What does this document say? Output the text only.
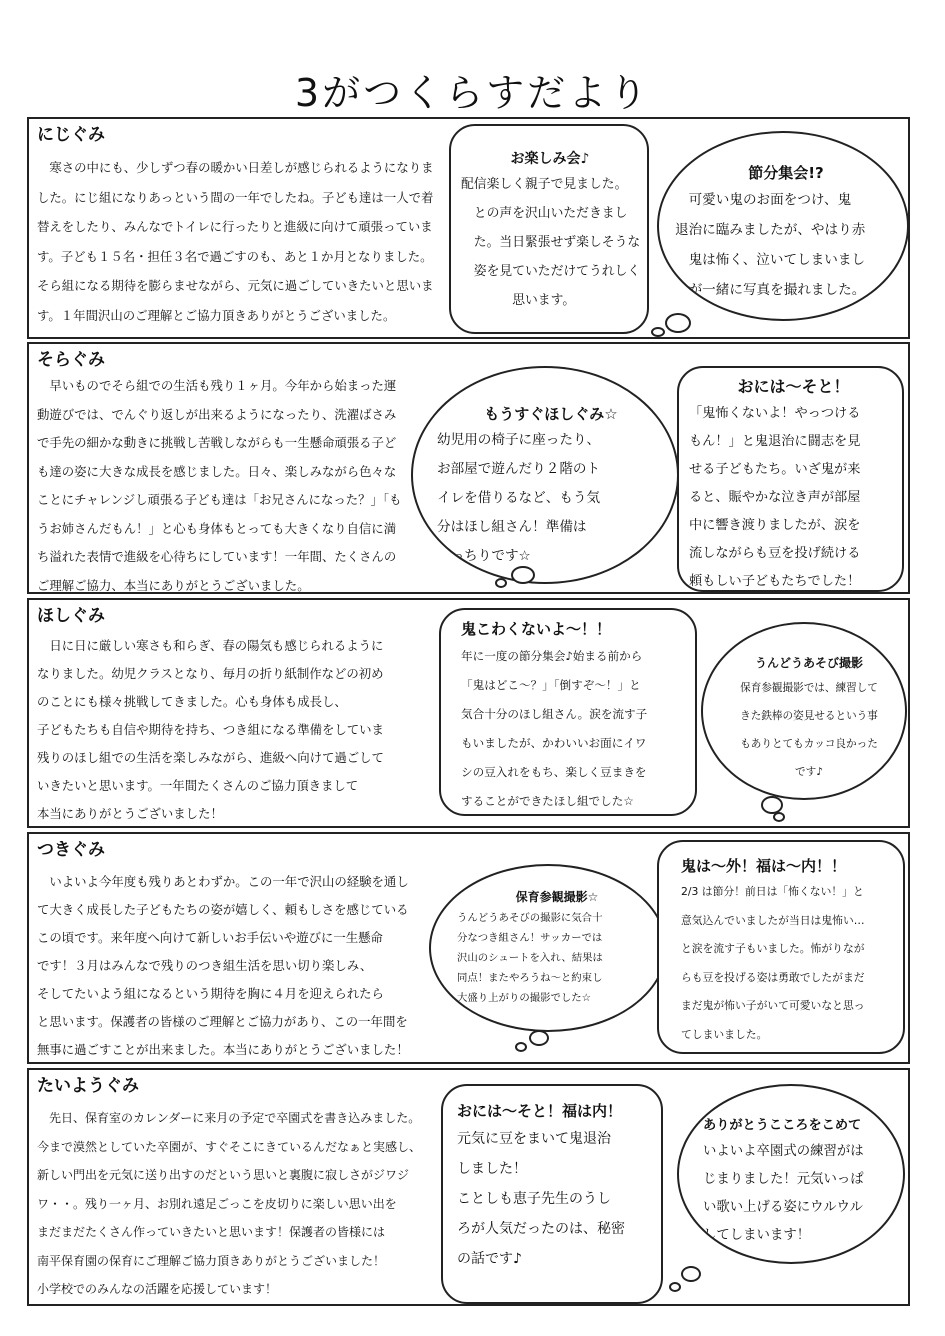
3がつくらすだより
にじぐみ
　寒さの中にも、少しずつ春の暖かい日差しが感じられるようになりま
した。にじ組になりあっという間の一年でしたね。子ども達は一人で着
替えをしたり、みんなでトイレに行ったりと進級に向けて頑張っていま
す。子ども１５名・担任３名で過ごすのも、あと１か月となりました。
そら組になる期待を膨らませながら、元気に過ごしていきたいと思いま
す。１年間沢山のご理解とご協力頂きありがとうございました。
お楽しみ会♪
配信楽しく親子で見ました。
　との声を沢山いただきまし
　た。当日緊張せず楽しそうな
　姿を見ていただけてうれしく
　　　　思います。
節分集会!?
　可愛い鬼のお面をつけ、鬼
退治に臨みましたが、やはり赤
　鬼は怖く、泣いてしまいまし
たが一緒に写真を撮れました。
そらぐみ
　早いものでそら組での生活も残り１ヶ月。今年から始まった運
動遊びでは、でんぐり返しが出来るようになったり、洗濯ばさみ
で手先の細かな動きに挑戦し苦戦しながらも一生懸命頑張る子ど
も達の姿に大きな成長を感じました。日々、楽しみながら色々な
ことにチャレンジし頑張る子ども達は「お兄さんになった？」「も
うお姉さんだもん！」と心も身体もとっても大きくなり自信に満
ち溢れた表情で進級を心待ちにしています！一年間、たくさんの
ご理解ご協力、本当にありがとうございました。
もうすぐほしぐみ☆
幼児用の椅子に座ったり、
お部屋で遊んだり２階のト
イレを借りるなど、もう気
分はほし組さん！準備は
ばっちりです☆
おには～そと！
「鬼怖くないよ！やっつける
もん！」と鬼退治に闘志を見
せる子どもたち。いざ鬼が来
ると、賑やかな泣き声が部屋
中に響き渡りましたが、涙を
流しながらも豆を投げ続ける
頼もしい子どもたちでした！
ほしぐみ
　日に日に厳しい寒さも和らぎ、春の陽気も感じられるように
なりました。幼児クラスとなり、毎月の折り紙制作などの初め
のことにも様々挑戦してきました。心も身体も成長し、
子どもたちも自信や期待を持ち、つき組になる準備をしていま
残りのほし組での生活を楽しみながら、進級へ向けて過ごして
いきたいと思います。一年間たくさんのご協力頂きまして
本当にありがとうございました！
鬼こわくないよ～！！
年に一度の節分集会♪始まる前から
「鬼はどこ～？」「倒すぞ～！」と
気合十分のほし組さん。涙を流す子
もいましたが、かわいいお面にイワ
シの豆入れをもち、楽しく豆まきを
することができたほし組でした☆
うんどうあそび撮影
保育参観撮影では、練習して
きた鉄棒の姿見せるという事
もありとてもカッコ良かった
です♪
つきぐみ
　いよいよ今年度も残りあとわずか。この一年で沢山の経験を通し
て大きく成長した子どもたちの姿が嬉しく、頼もしさを感じている
この頃です。来年度へ向けて新しいお手伝いや遊びに一生懸命
です！３月はみんなで残りのつき組生活を思い切り楽しみ、
そしてたいよう組になるという期待を胸に４月を迎えられたら
と思います。保護者の皆様のご理解とご協力があり、この一年間を
無事に過ごすことが出来ました。本当にありがとうございました！
保育参観撮影☆
うんどうあそびの撮影に気合十
分なつき組さん！サッカーでは
沢山のシュートを入れ、結果は
同点！またやろうね～と約束し
大盛り上がりの撮影でした☆
鬼は～外！福は～内！！
2/3 は節分！前日は「怖くない！」と
意気込んでいましたが当日は鬼怖い…
と涙を流す子もいました。怖がりなが
らも豆を投げる姿は勇敢でしたがまだ
まだ鬼が怖い子がいて可愛いなと思っ
てしまいました。
たいようぐみ
　先日、保育室のカレンダーに来月の予定で卒園式を書き込みました。
今まで漠然としていた卒園が、すぐそこにきているんだなぁと実感し、
新しい門出を元気に送り出すのだという思いと裏腹に寂しさがジワジ
ワ・・。残り一ヶ月、お別れ遠足ごっこを皮切りに楽しい思い出を
まだまだたくさん作っていきたいと思います！保護者の皆様には
南平保育園の保育にご理解ご協力頂きありがとうございました！
小学校でのみんなの活躍を応援しています！
おには～そと！福は内！
元気に豆をまいて鬼退治
しました！
ことしも恵子先生のうし
ろが人気だったのは、秘密
の話です♪
ありがとうこころをこめて
いよいよ卒園式の練習がは
じまりました！元気いっぱ
い歌い上げる姿にウルウル
してしまいます！
